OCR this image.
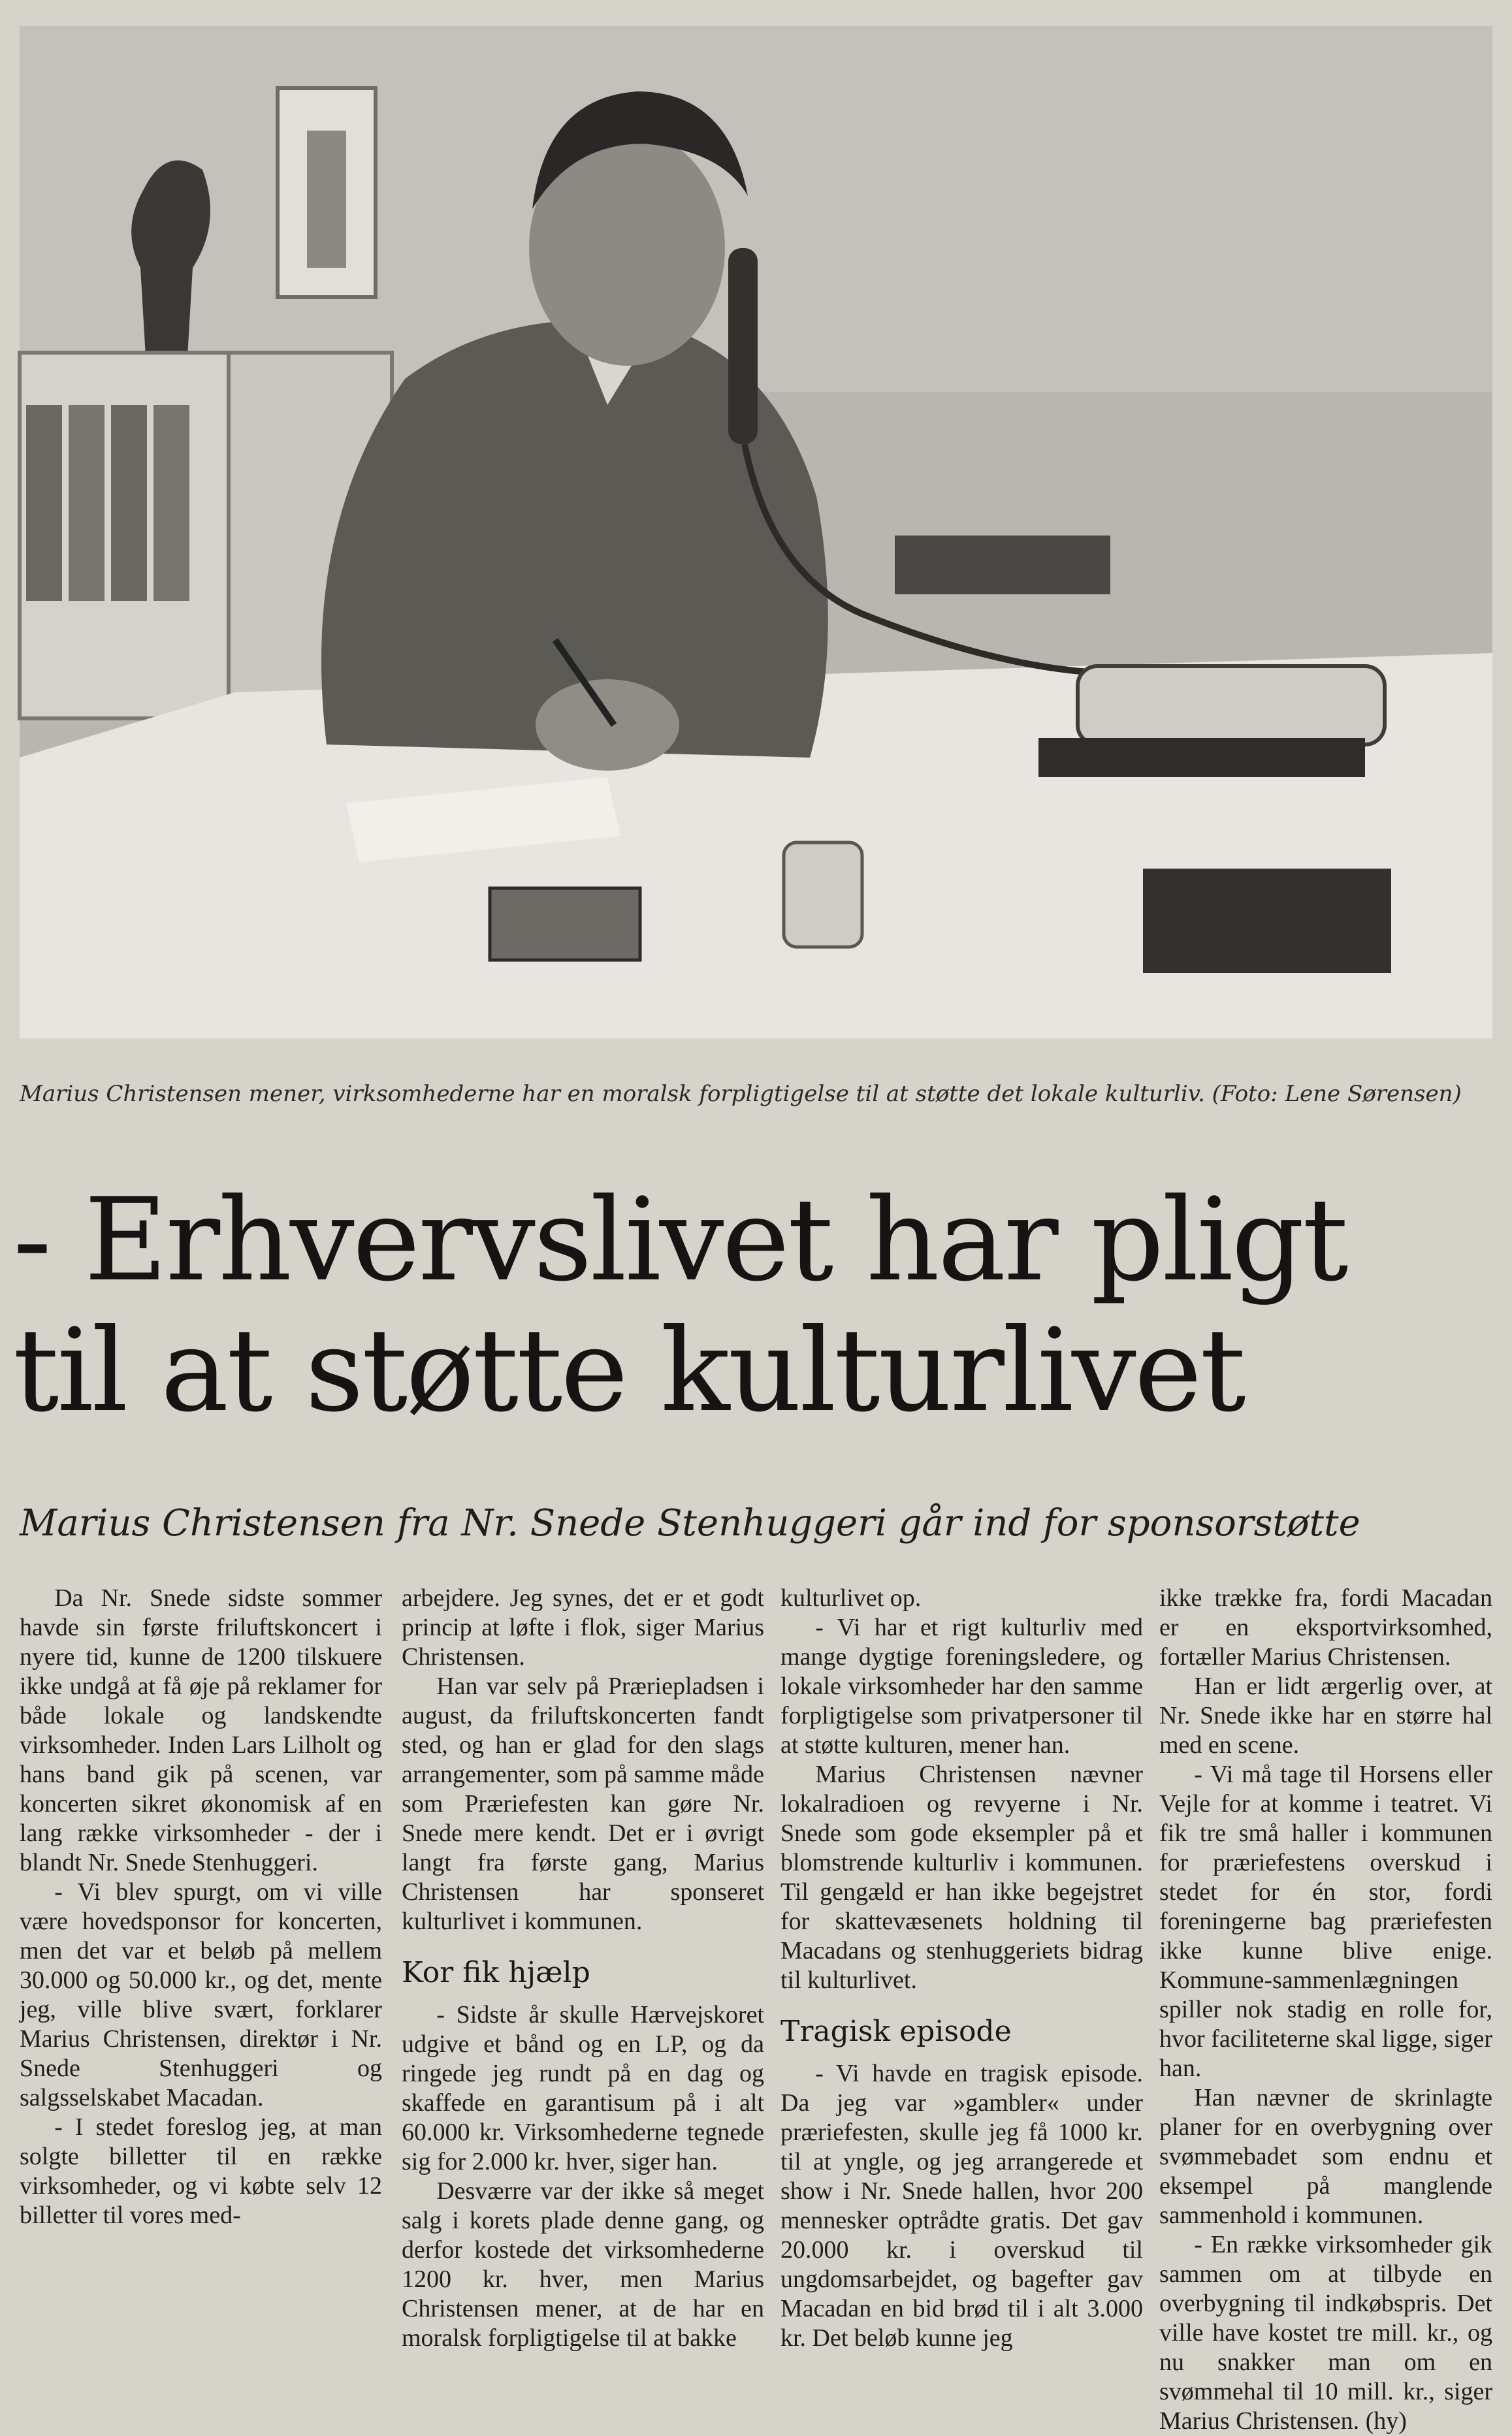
Marius Christensen mener, virksomhederne har en moralsk forpligtigelse til at støtte det lokale kulturliv. (Foto: Lene Sørensen)
- Erhvervslivet har pligt
til at støtte kulturlivet
Marius Christensen fra Nr. Snede Stenhuggeri går ind for sponsorstøtte

Da Nr. Snede sidste sommer havde sin første friluftskoncert i nyere tid, kunne de 1200 tilskuere ikke undgå at få øje på reklamer for både lokale og landskendte virksomheder. Inden Lars Lilholt og hans band gik på scenen, var koncerten sikret økonomisk af en lang række virksomheder - der i blandt Nr. Snede Stenhuggeri.

- Vi blev spurgt, om vi ville være hovedsponsor for koncerten, men det var et beløb på mellem 30.000 og 50.000 kr., og det, mente jeg, ville blive svært, forklarer Marius Christensen, direktør i Nr. Snede Stenhuggeri og salgsselskabet Macadan.

- I stedet foreslog jeg, at man solgte billetter til en række virksomheder, og vi købte selv 12 billetter til vores med-

arbejdere. Jeg synes, det er et godt princip at løfte i flok, siger Marius Christensen.

Han var selv på Præriepladsen i august, da friluftskoncerten fandt sted, og han er glad for den slags arrangementer, som på samme måde som Præriefesten kan gøre Nr. Snede mere kendt. Det er i øvrigt langt fra første gang, Marius Christensen har sponseret kulturlivet i kommunen.

Kor fik hjælp

- Sidste år skulle Hærvejskoret udgive et bånd og en LP, og da ringede jeg rundt på en dag og skaffede en garantisum på i alt 60.000 kr. Virksomhederne tegnede sig for 2.000 kr. hver, siger han.

Desværre var der ikke så meget salg i korets plade denne gang, og derfor kostede det virksomhederne 1200 kr. hver, men Marius Christensen mener, at de har en moralsk forpligtigelse til at bakke

kulturlivet op.

- Vi har et rigt kulturliv med mange dygtige foreningsledere, og lokale virksomheder har den samme forpligtigelse som privatpersoner til at støtte kulturen, mener han.

Marius Christensen nævner lokalradioen og revyerne i Nr. Snede som gode eksempler på et blomstrende kulturliv i kommunen. Til gengæld er han ikke begejstret for skattevæsenets holdning til Macadans og stenhuggeriets bidrag til kulturlivet.

Tragisk episode

- Vi havde en tragisk episode. Da jeg var »gambler« under præriefesten, skulle jeg få 1000 kr. til at yngle, og jeg arrangerede et show i Nr. Snede hallen, hvor 200 mennesker optrådte gratis. Det gav 20.000 kr. i overskud til ungdomsarbejdet, og bagefter gav Macadan en bid brød til i alt 3.000 kr. Det beløb kunne jeg

ikke trække fra, fordi Macadan er en eksportvirksomhed, fortæller Marius Christensen.

Han er lidt ærgerlig over, at Nr. Snede ikke har en større hal med en scene.

- Vi må tage til Horsens eller Vejle for at komme i teatret. Vi fik tre små haller i kommunen for præriefestens overskud i stedet for én stor, fordi foreningerne bag præriefesten ikke kunne blive enige. Kommune-sammenlægningen spiller nok stadig en rolle for, hvor faciliteterne skal ligge, siger han.

Han nævner de skrinlagte planer for en overbygning over svømmebadet som endnu et eksempel på manglende sammenhold i kommunen.

- En række virksomheder gik sammen om at tilbyde en overbygning til indkøbspris. Det ville have kostet tre mill. kr., og nu snakker man om en svømmehal til 10 mill. kr., siger Marius Christensen. (hy)
